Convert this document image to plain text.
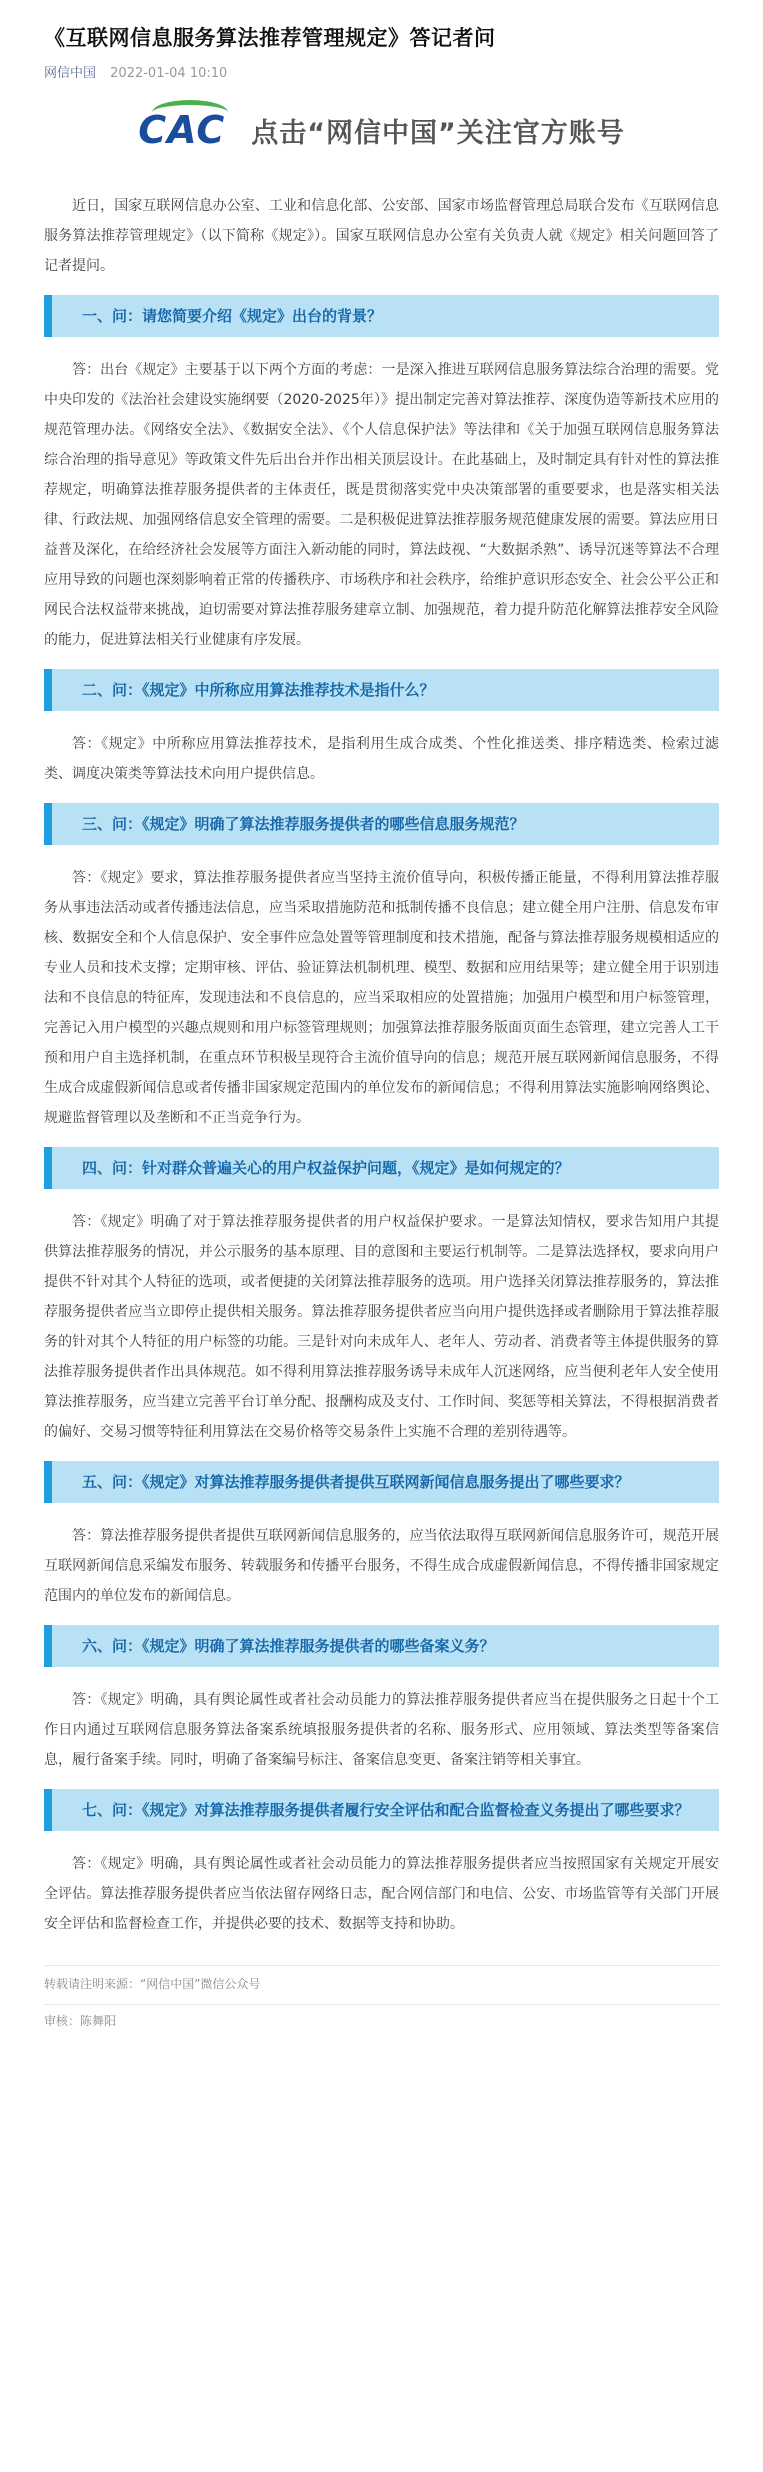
《互联网信息服务算法推荐管理规定》答记者问
网信中国 2022-01-04 10:10
CAC 点击“网信中国”关注官方账号

近日，国家互联网信息办公室、工业和信息化部、公安部、国家市场监督管理总局联合发布《互联网信息服务算法推荐管理规定》（以下简称《规定》）。国家互联网信息办公室有关负责人就《规定》相关问题回答了记者提问。

一、问：请您简要介绍《规定》出台的背景？

答：出台《规定》主要基于以下两个方面的考虑：一是深入推进互联网信息服务算法综合治理的需要。党中央印发的《法治社会建设实施纲要（2020-2025年）》提出制定完善对算法推荐、深度伪造等新技术应用的规范管理办法。《网络安全法》、《数据安全法》、《个人信息保护法》等法律和《关于加强互联网信息服务算法综合治理的指导意见》等政策文件先后出台并作出相关顶层设计。在此基础上，及时制定具有针对性的算法推荐规定，明确算法推荐服务提供者的主体责任，既是贯彻落实党中央决策部署的重要要求，也是落实相关法律、行政法规、加强网络信息安全管理的需要。二是积极促进算法推荐服务规范健康发展的需要。算法应用日益普及深化，在给经济社会发展等方面注入新动能的同时，算法歧视、“大数据杀熟”、诱导沉迷等算法不合理应用导致的问题也深刻影响着正常的传播秩序、市场秩序和社会秩序，给维护意识形态安全、社会公平公正和网民合法权益带来挑战，迫切需要对算法推荐服务建章立制、加强规范，着力提升防范化解算法推荐安全风险的能力，促进算法相关行业健康有序发展。

二、问：《规定》中所称应用算法推荐技术是指什么？

答：《规定》中所称应用算法推荐技术，是指利用生成合成类、个性化推送类、排序精选类、检索过滤类、调度决策类等算法技术向用户提供信息。

三、问：《规定》明确了算法推荐服务提供者的哪些信息服务规范？

答：《规定》要求，算法推荐服务提供者应当坚持主流价值导向，积极传播正能量，不得利用算法推荐服务从事违法活动或者传播违法信息，应当采取措施防范和抵制传播不良信息；建立健全用户注册、信息发布审核、数据安全和个人信息保护、安全事件应急处置等管理制度和技术措施，配备与算法推荐服务规模相适应的专业人员和技术支撑；定期审核、评估、验证算法机制机理、模型、数据和应用结果等；建立健全用于识别违法和不良信息的特征库，发现违法和不良信息的，应当采取相应的处置措施；加强用户模型和用户标签管理，完善记入用户模型的兴趣点规则和用户标签管理规则；加强算法推荐服务版面页面生态管理，建立完善人工干预和用户自主选择机制，在重点环节积极呈现符合主流价值导向的信息；规范开展互联网新闻信息服务，不得生成合成虚假新闻信息或者传播非国家规定范围内的单位发布的新闻信息；不得利用算法实施影响网络舆论、规避监督管理以及垄断和不正当竞争行为。

四、问：针对群众普遍关心的用户权益保护问题，《规定》是如何规定的？

答：《规定》明确了对于算法推荐服务提供者的用户权益保护要求。一是算法知情权，要求告知用户其提供算法推荐服务的情况，并公示服务的基本原理、目的意图和主要运行机制等。二是算法选择权，要求向用户提供不针对其个人特征的选项，或者便捷的关闭算法推荐服务的选项。用户选择关闭算法推荐服务的，算法推荐服务提供者应当立即停止提供相关服务。算法推荐服务提供者应当向用户提供选择或者删除用于算法推荐服务的针对其个人特征的用户标签的功能。三是针对向未成年人、老年人、劳动者、消费者等主体提供服务的算法推荐服务提供者作出具体规范。如不得利用算法推荐服务诱导未成年人沉迷网络，应当便利老年人安全使用算法推荐服务，应当建立完善平台订单分配、报酬构成及支付、工作时间、奖惩等相关算法，不得根据消费者的偏好、交易习惯等特征利用算法在交易价格等交易条件上实施不合理的差别待遇等。

五、问：《规定》对算法推荐服务提供者提供互联网新闻信息服务提出了哪些要求？

答：算法推荐服务提供者提供互联网新闻信息服务的，应当依法取得互联网新闻信息服务许可，规范开展互联网新闻信息采编发布服务、转载服务和传播平台服务，不得生成合成虚假新闻信息，不得传播非国家规定范围内的单位发布的新闻信息。

六、问：《规定》明确了算法推荐服务提供者的哪些备案义务？

答：《规定》明确，具有舆论属性或者社会动员能力的算法推荐服务提供者应当在提供服务之日起十个工作日内通过互联网信息服务算法备案系统填报服务提供者的名称、服务形式、应用领域、算法类型等备案信息，履行备案手续。同时，明确了备案编号标注、备案信息变更、备案注销等相关事宜。

七、问：《规定》对算法推荐服务提供者履行安全评估和配合监督检查义务提出了哪些要求？

答：《规定》明确，具有舆论属性或者社会动员能力的算法推荐服务提供者应当按照国家有关规定开展安全评估。算法推荐服务提供者应当依法留存网络日志，配合网信部门和电信、公安、市场监管等有关部门开展安全评估和监督检查工作，并提供必要的技术、数据等支持和协助。

转载请注明来源：“网信中国”微信公众号
审核：陈舞阳
